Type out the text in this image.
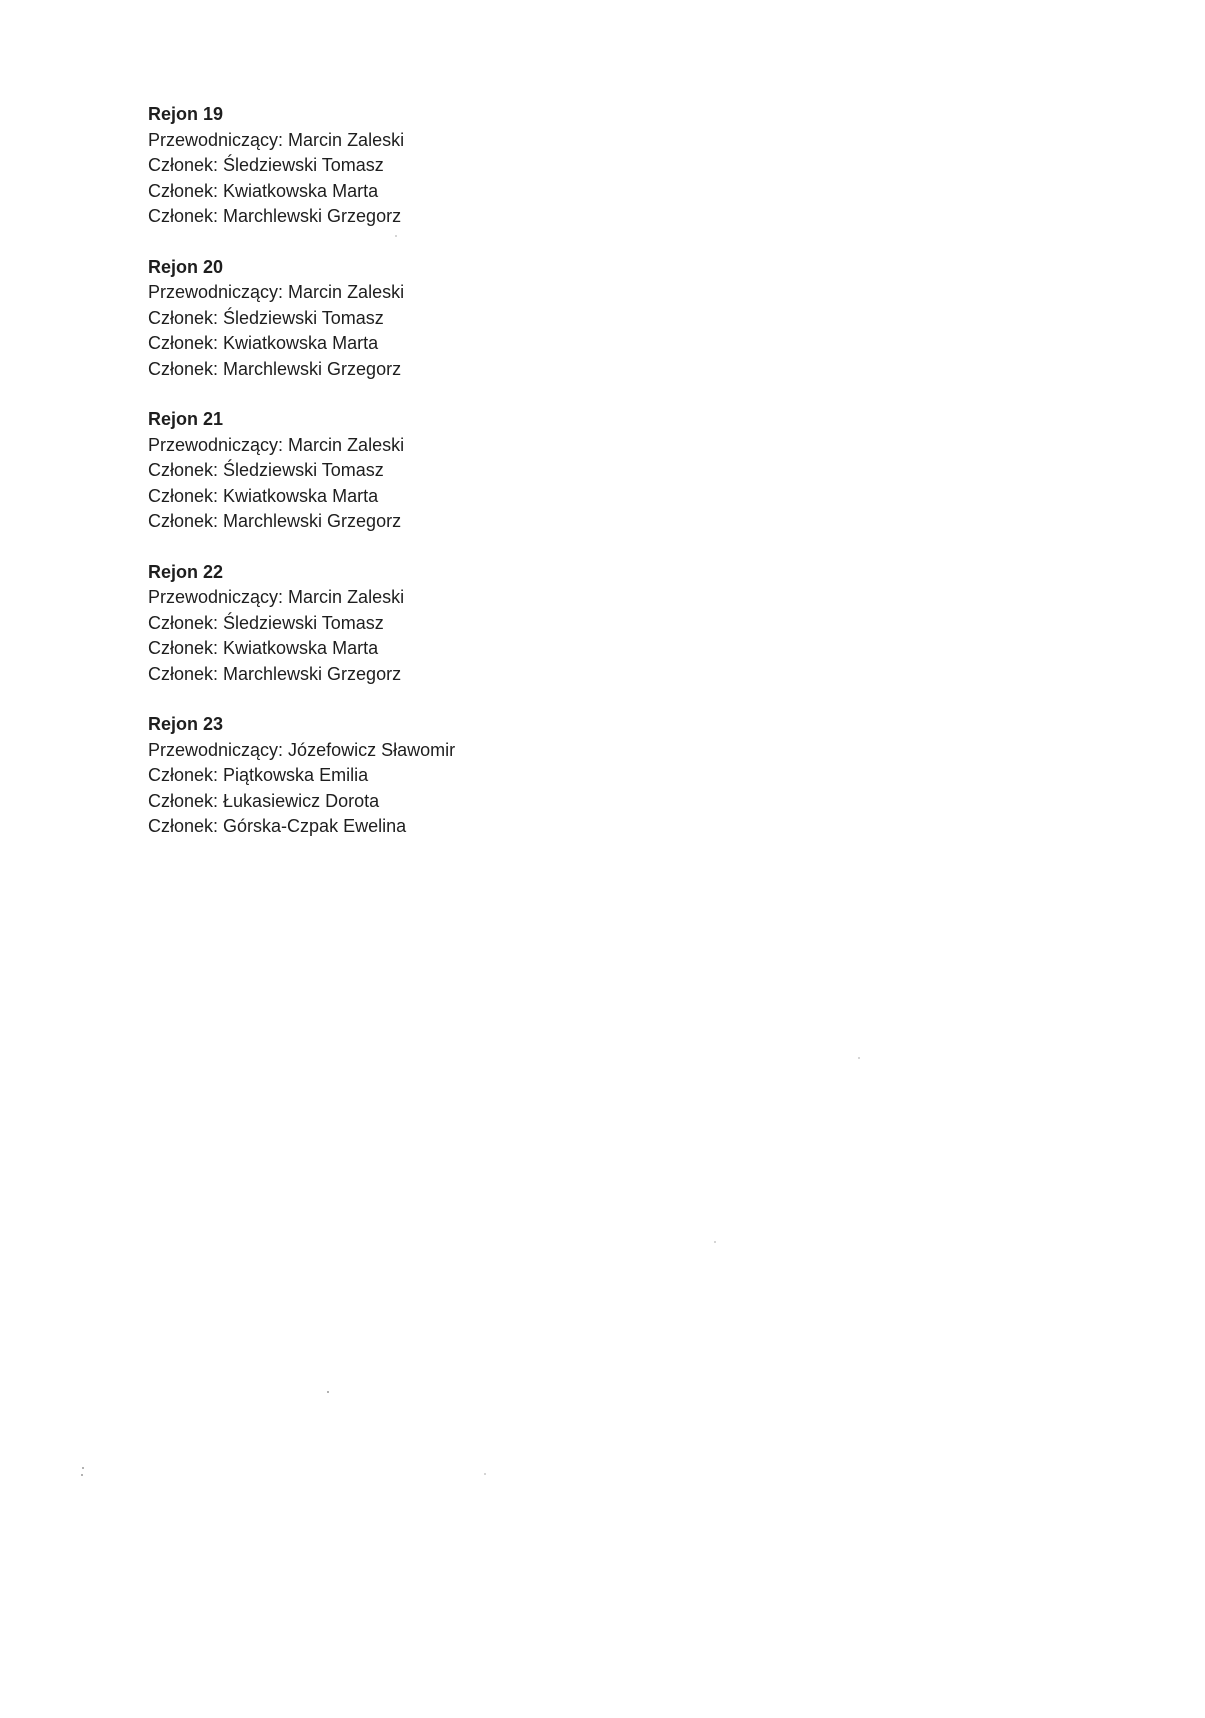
Rejon 19

Przewodniczący: Marcin Zaleski

Członek: Śledziewski Tomasz

Członek: Kwiatkowska Marta

Członek: Marchlewski Grzegorz

Rejon 20

Przewodniczący: Marcin Zaleski

Członek: Śledziewski Tomasz

Członek: Kwiatkowska Marta

Członek: Marchlewski Grzegorz

Rejon 21

Przewodniczący: Marcin Zaleski

Członek: Śledziewski Tomasz

Członek: Kwiatkowska Marta

Członek: Marchlewski Grzegorz

Rejon 22

Przewodniczący: Marcin Zaleski

Członek: Śledziewski Tomasz

Członek: Kwiatkowska Marta

Członek: Marchlewski Grzegorz

Rejon 23

Przewodniczący: Józefowicz Sławomir

Członek: Piątkowska Emilia

Członek: Łukasiewicz Dorota

Członek: Górska-Czpak Ewelina
